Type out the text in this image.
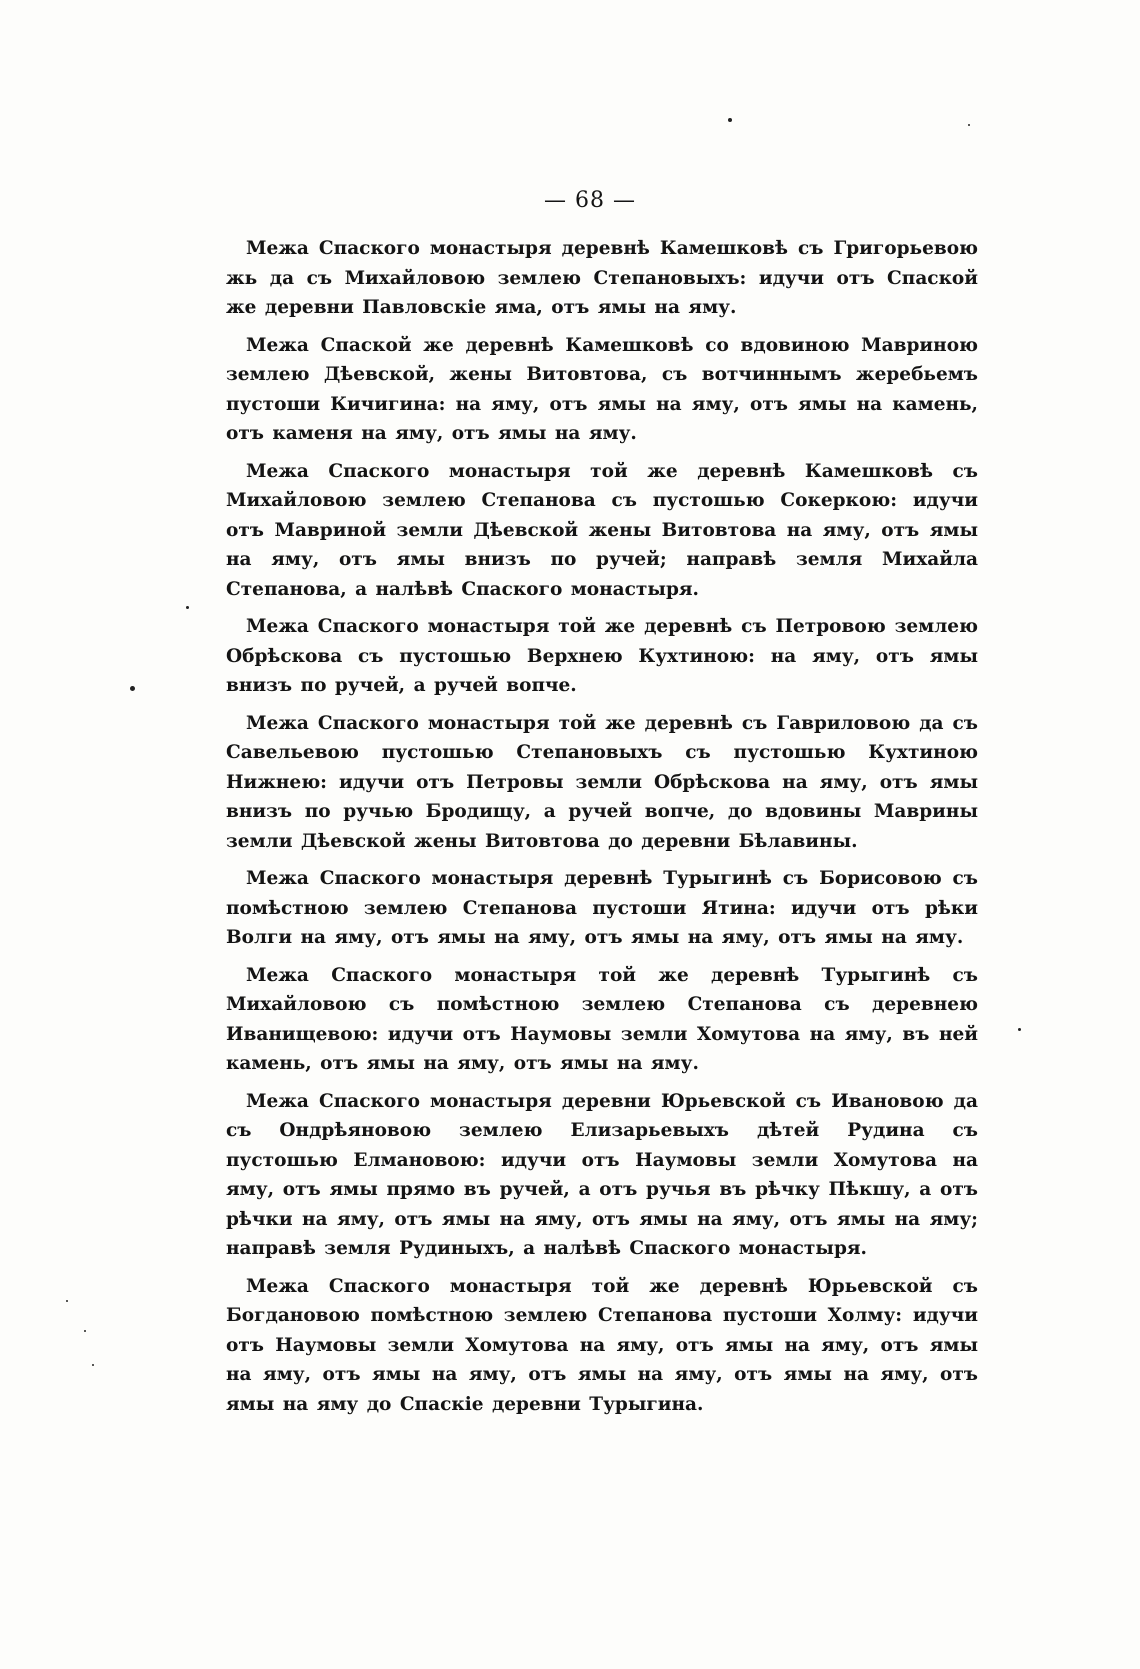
— 68 —

Межа Спаского монастыря деревнѣ Камешковѣ съ Григорьевою жь да съ Михайловою землею Степановыхъ: идучи отъ Спаской же деревни Павловскіе яма, отъ ямы на яму.

Межа Спаской же деревнѣ Камешковѣ со вдовиною Мавриною землею Дѣевской, жены Витовтова, съ вотчиннымъ жеребьемъ пустоши Кичигина: на яму, отъ ямы на яму, отъ ямы на камень, отъ каменя на яму, отъ ямы на яму.

Межа Спаского монастыря той же деревнѣ Камешковѣ съ Михайловою землею Степанова съ пустошью Сокеркою: идучи отъ Мавриной земли Дѣевской жены Витовтова на яму, отъ ямы на яму, отъ ямы внизъ по ручей; направѣ земля Михайла Степанова, а налѣвѣ Спаского монастыря.

Межа Спаского монастыря той же деревнѣ съ Петровою землею Обрѣскова съ пустошью Верхнею Кухтиною: на яму, отъ ямы внизъ по ручей, а ручей вопче.

Межа Спаского монастыря той же деревнѣ съ Гавриловою да съ Савельевою пустошью Степановыхъ съ пустошью Кухтиною Нижнею: идучи отъ Петровы земли Обрѣскова на яму, отъ ямы внизъ по ручью Бродищу, а ручей вопче, до вдовины Маврины земли Дѣевской жены Витовтова до деревни Бѣлавины.

Межа Спаского монастыря деревнѣ Турыгинѣ съ Борисовою съ помѣстною землею Степанова пустоши Ятина: идучи отъ рѣки Волги на яму, отъ ямы на яму, отъ ямы на яму, отъ ямы на яму.

Межа Спаского монастыря той же деревнѣ Турыгинѣ съ Михайловою съ помѣстною землею Степанова съ деревнею Иванищевою: идучи отъ Наумовы земли Хомутова на яму, въ ней камень, отъ ямы на яму, отъ ямы на яму.

Межа Спаского монастыря деревни Юрьевской съ Ивановою да съ Ондрѣяновою землею Елизарьевыхъ дѣтей Рудина съ пустошью Елмановою: идучи отъ Наумовы земли Хомутова на яму, отъ ямы прямо въ ручей, а отъ ручья въ рѣчку Пѣкшу, а отъ рѣчки на яму, отъ ямы на яму, отъ ямы на яму, отъ ямы на яму; направѣ земля Рудиныхъ, а налѣвѣ Спаского монастыря.

Межа Спаского монастыря той же деревнѣ Юрьевской съ Богдановою помѣстною землею Степанова пустоши Холму: идучи отъ Наумовы земли Хомутова на яму, отъ ямы на яму, отъ ямы на яму, отъ ямы на яму, отъ ямы на яму, отъ ямы на яму, отъ ямы на яму до Спаскіе деревни Турыгина.
